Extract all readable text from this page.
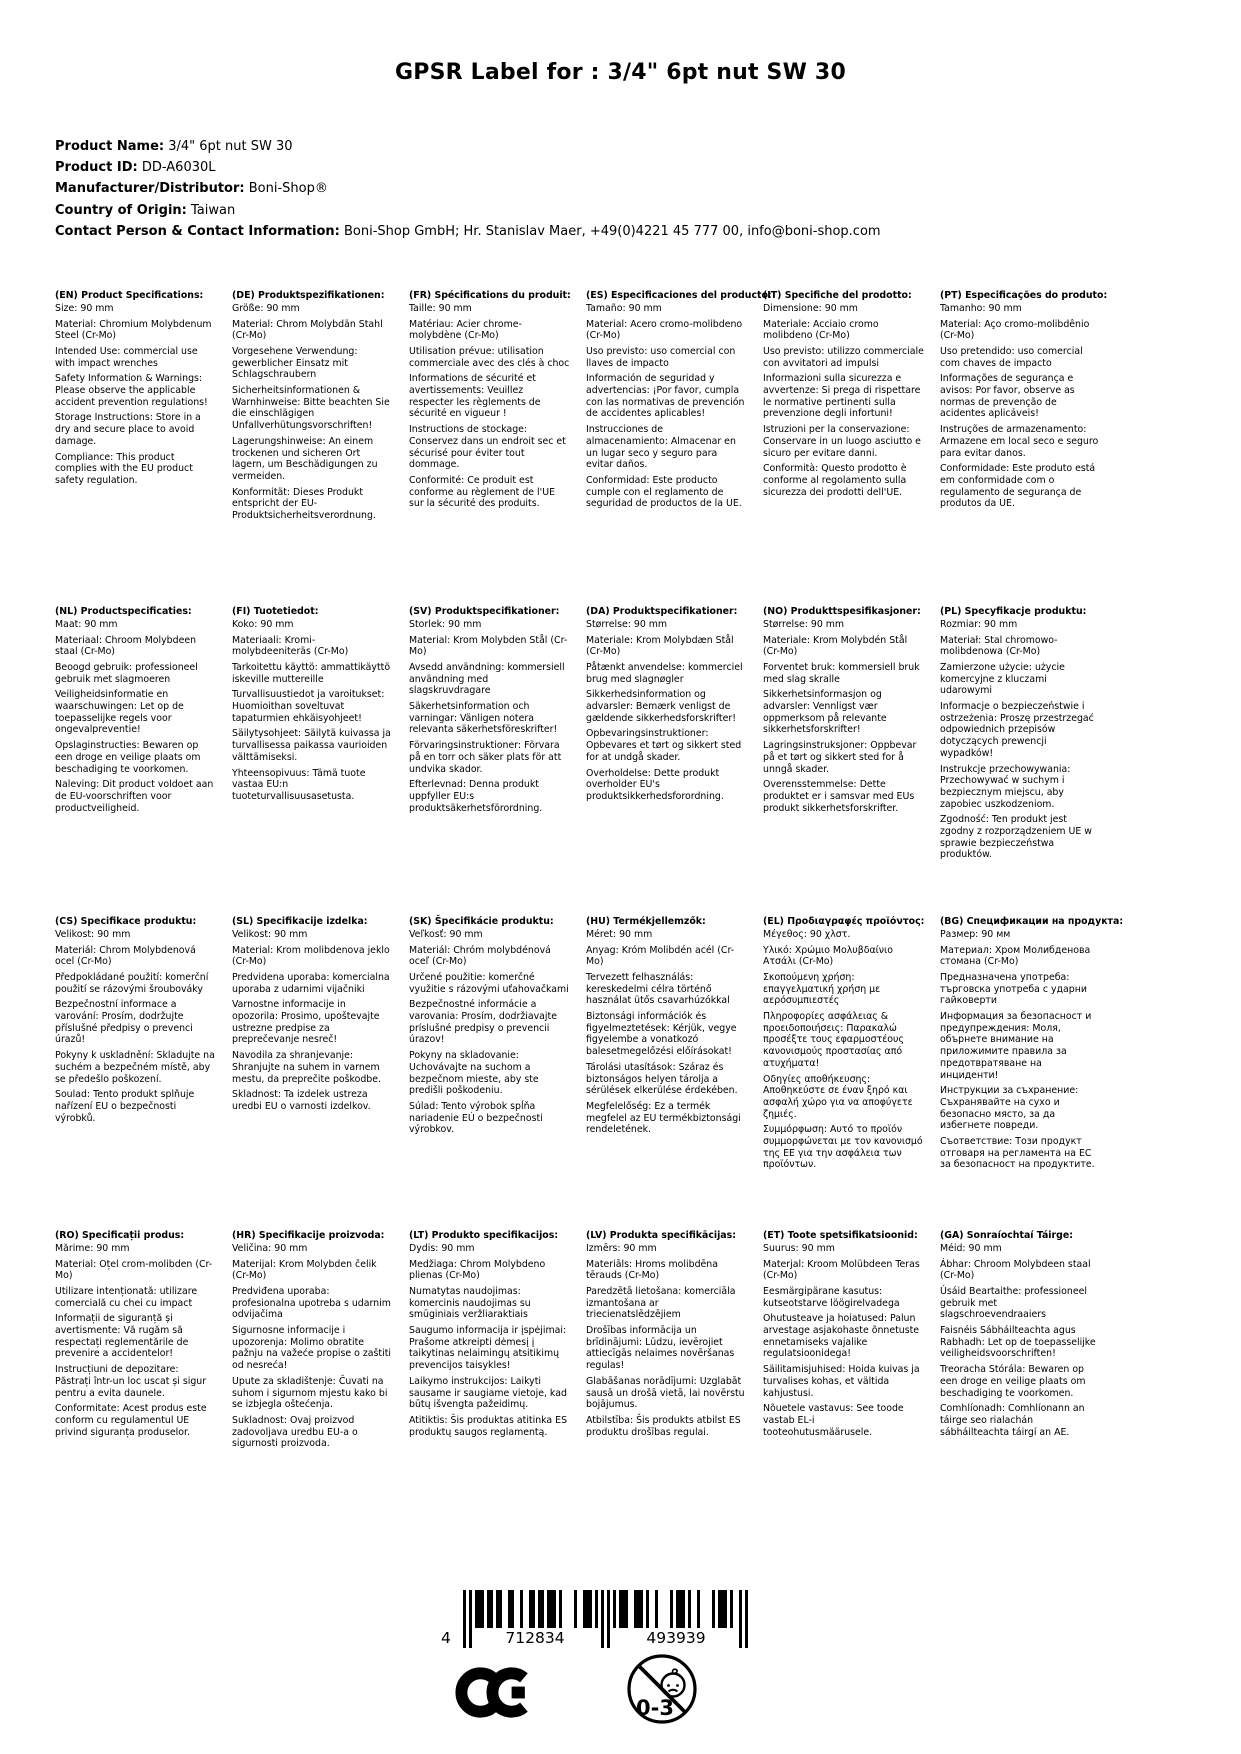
GPSR Label for : 3/4" 6pt nut SW 30
Product Name: 3/4" 6pt nut SW 30
Product ID: DD-A6030L
Manufacturer/Distributor: Boni-Shop®
Country of Origin: Taiwan
Contact Person & Contact Information: Boni-Shop GmbH; Hr. Stanislav Maer, +49(0)4221 45 777 00, info@boni-shop.com
(EN) Product Specifications:

Size: 90 mm

Material: Chromium Molybdenum Steel (Cr-Mo)

Intended Use: commercial use with impact wrenches

Safety Information & Warnings: Please observe the applicable accident prevention regulations!

Storage Instructions: Store in a dry and secure place to avoid damage.

Compliance: This product complies with the EU product safety regulation.

(DE) Produktspezifikationen:

Größe: 90 mm

Material: Chrom Molybdän Stahl (Cr-Mo)

Vorgesehene Verwendung: gewerblicher Einsatz mit Schlagschraubern

Sicherheitsinformationen & Warnhinweise: Bitte beachten Sie die einschlägigen Unfallverhütungsvorschriften!

Lagerungshinweise: An einem trockenen und sicheren Ort lagern, um Beschädigungen zu vermeiden.

Konformität: Dieses Produkt entspricht der EU-Produktsicherheitsverordnung.

(FR) Spécifications du produit:

Taille: 90 mm

Matériau: Acier chrome-molybdène (Cr-Mo)

Utilisation prévue: utilisation commerciale avec des clés à choc

Informations de sécurité et avertissements: Veuillez respecter les règlements de sécurité en vigueur !

Instructions de stockage: Conservez dans un endroit sec et sécurisé pour éviter tout dommage.

Conformité: Ce produit est conforme au règlement de l'UE sur la sécurité des produits.

(ES) Especificaciones del producto:

Tamaño: 90 mm

Material: Acero cromo-molibdeno (Cr-Mo)

Uso previsto: uso comercial con llaves de impacto

Información de seguridad y advertencias: ¡Por favor, cumpla con las normativas de prevención de accidentes aplicables!

Instrucciones de almacenamiento: Almacenar en un lugar seco y seguro para evitar daños.

Conformidad: Este producto cumple con el reglamento de seguridad de productos de la UE.

(IT) Specifiche del prodotto:

Dimensione: 90 mm

Materiale: Acciaio cromo molibdeno (Cr-Mo)

Uso previsto: utilizzo commerciale con avvitatori ad impulsi

Informazioni sulla sicurezza e avvertenze: Si prega di rispettare le normative pertinenti sulla prevenzione degli infortuni!

Istruzioni per la conservazione: Conservare in un luogo asciutto e sicuro per evitare danni.

Conformità: Questo prodotto è conforme al regolamento sulla sicurezza dei prodotti dell'UE.

(PT) Especificações do produto:

Tamanho: 90 mm

Material: Aço cromo-molibdênio (Cr-Mo)

Uso pretendido: uso comercial com chaves de impacto

Informações de segurança e avisos: Por favor, observe as normas de prevenção de acidentes aplicáveis!

Instruções de armazenamento: Armazene em local seco e seguro para evitar danos.

Conformidade: Este produto está em conformidade com o regulamento de segurança de produtos da UE.

(NL) Productspecificaties:

Maat: 90 mm

Materiaal: Chroom Molybdeen staal (Cr-Mo)

Beoogd gebruik: professioneel gebruik met slagmoeren

Veiligheidsinformatie en waarschuwingen: Let op de toepasselijke regels voor ongevalpreventie!

Opslaginstructies: Bewaren op een droge en veilige plaats om beschadiging te voorkomen.

Naleving: Dit product voldoet aan de EU-voorschriften voor productveiligheid.

(FI) Tuotetiedot:

Koko: 90 mm

Materiaali: Kromi-molybdeeniteräs (Cr-Mo)

Tarkoitettu käyttö: ammattikäyttö iskeville muttereille

Turvallisuustiedot ja varoitukset: Huomioithan soveltuvat tapaturmien ehkäisyohjeet!

Säilytysohjeet: Säilytä kuivassa ja turvallisessa paikassa vaurioiden välttämiseksi.

Yhteensopivuus: Tämä tuote vastaa EU:n tuoteturvallisuusasetusta.

(SV) Produktspecifikationer:

Storlek: 90 mm

Material: Krom Molybden Stål (Cr-Mo)

Avsedd användning: kommersiell användning med slagskruvdragare

Säkerhetsinformation och varningar: Vänligen notera relevanta säkerhetsföreskrifter!

Förvaringsinstruktioner: Förvara på en torr och säker plats för att undvika skador.

Efterlevnad: Denna produkt uppfyller EU:s produktsäkerhetsförordning.

(DA) Produktspecifikationer:

Størrelse: 90 mm

Materiale: Krom Molybdæn Stål (Cr-Mo)

Påtænkt anvendelse: kommerciel brug med slagnøgler

Sikkerhedsinformation og advarsler: Bemærk venligst de gældende sikkerhedsforskrifter!

Opbevaringsinstruktioner: Opbevares et tørt og sikkert sted for at undgå skader.

Overholdelse: Dette produkt overholder EU's produktsikkerhedsforordning.

(NO) Produkttspesifikasjoner:

Størrelse: 90 mm

Materiale: Krom Molybdén Stål (Cr-Mo)

Forventet bruk: kommersiell bruk med slag skralle

Sikkerhetsinformasjon og advarsler: Vennligst vær oppmerksom på relevante sikkerhetsforskrifter!

Lagringsinstruksjoner: Oppbevar på et tørt og sikkert sted for å unngå skader.

Overensstemmelse: Dette produktet er i samsvar med EUs produkt sikkerhetsforskrifter.

(PL) Specyfikacje produktu:

Rozmiar: 90 mm

Materiał: Stal chromowo-molibdenowa (Cr-Mo)

Zamierzone użycie: użycie komercyjne z kluczami udarowymi

Informacje o bezpieczeństwie i ostrzeżenia: Proszę przestrzegać odpowiednich przepisów dotyczących prewencji wypadków!

Instrukcje przechowywania: Przechowywać w suchym i bezpiecznym miejscu, aby zapobiec uszkodzeniom.

Zgodność: Ten produkt jest zgodny z rozporządzeniem UE w sprawie bezpieczeństwa produktów.

(CS) Specifikace produktu:

Velikost: 90 mm

Materiál: Chrom Molybdenová ocel (Cr-Mo)

Předpokládané použití: komerční použití se rázovými šroubováky

Bezpečnostní informace a varování: Prosím, dodržujte příslušné předpisy o prevenci úrazů!

Pokyny k uskladnění: Skladujte na suchém a bezpečném místě, aby se předešlo poškození.

Soulad: Tento produkt splňuje nařízení EU o bezpečnosti výrobků.

(SL) Specifikacije izdelka:

Velikost: 90 mm

Material: Krom molibdenova jeklo (Cr-Mo)

Predvidena uporaba: komercialna uporaba z udarnimi vijačniki

Varnostne informacije in opozorila: Prosimo, upoštevajte ustrezne predpise za preprečevanje nesreč!

Navodila za shranjevanje: Shranjujte na suhem in varnem mestu, da preprečite poškodbe.

Skladnost: Ta izdelek ustreza uredbi EU o varnosti izdelkov.

(SK) Špecifikácie produktu:

Veľkosť: 90 mm

Materiál: Chróm molybdénová oceľ (Cr-Mo)

Určené použitie: komerčné využitie s rázovými uťahovačkami

Bezpečnostné informácie a varovania: Prosím, dodržiavajte príslušné predpisy o prevencii úrazov!

Pokyny na skladovanie: Uchovávajte na suchom a bezpečnom mieste, aby ste predišli poškodeniu.

Súlad: Tento výrobok spĺňa nariadenie EÚ o bezpečnosti výrobkov.

(HU) Termékjellemzők:

Méret: 90 mm

Anyag: Króm Molibdén acél (Cr-Mo)

Tervezett felhasználás: kereskedelmi célra történő használat ütős csavarhúzókkal

Biztonsági információk és figyelmeztetések: Kérjük, vegye figyelembe a vonatkozó balesetmegelőzési előírásokat!

Tárolási utasítások: Száraz és biztonságos helyen tárolja a sérülések elkerülése érdekében.

Megfelelőség: Ez a termék megfelel az EU termékbiztonsági rendeletének.

(EL) Προδιαγραφές προϊόντος:

Μέγεθος: 90 χλστ.

Υλικό: Χρώμιο Μολυβδαίνιο Ατσάλι (Cr-Mo)

Σκοπούμενη χρήση: επαγγελματική χρήση με αερόσυμπιεστές

Πληροφορίες ασφάλειας & προειδοποιήσεις: Παρακαλώ προσέξτε τους εφαρμοστέους κανονισμούς προστασίας από ατυχήματα!

Οδηγίες αποθήκευσης: Αποθηκεύστε σε έναν ξηρό και ασφαλή χώρο για να αποφύγετε ζημιές.

Συμμόρφωση: Αυτό το προϊόν συμμορφώνεται με τον κανονισμό της ΕΕ για την ασφάλεια των προϊόντων.

(BG) Спецификации на продукта:

Размер: 90 мм

Материал: Хром Молибденова стомана (Cr-Mo)

Предназначена употреба: търговска употреба с ударни гайковерти

Информация за безопасност и предупреждения: Моля, обърнете внимание на приложимите правила за предотвратяване на инциденти!

Инструкции за съхранение: Съхранявайте на сухо и безопасно място, за да избегнете повреди.

Съответствие: Този продукт отговаря на регламента на ЕС за безопасност на продуктите.

(RO) Specificații produs:

Mărime: 90 mm

Material: Oțel crom-molibden (Cr-Mo)

Utilizare intenționată: utilizare comercială cu chei cu impact

Informații de siguranță și avertismente: Vă rugăm să respectați reglementările de prevenire a accidentelor!

Instrucțiuni de depozitare: Păstrați într-un loc uscat și sigur pentru a evita daunele.

Conformitate: Acest produs este conform cu regulamentul UE privind siguranța produselor.

(HR) Specifikacije proizvoda:

Veličina: 90 mm

Materijal: Krom Molybden čelik (Cr-Mo)

Predviđena uporaba: profesionalna upotreba s udarnim odvijačima

Sigurnosne informacije i upozorenja: Molimo obratite pažnju na važeće propise o zaštiti od nesreća!

Upute za skladištenje: Čuvati na suhom i sigurnom mjestu kako bi se izbjegla oštećenja.

Sukladnost: Ovaj proizvod zadovoljava uredbu EU-a o sigurnosti proizvoda.

(LT) Produkto specifikacijos:

Dydis: 90 mm

Medžiaga: Chrom Molybdeno plienas (Cr-Mo)

Numatytas naudojimas: komercinis naudojimas su smūginiais veržliaraktiais

Saugumo informacija ir įspėjimai: Prašome atkreipti dėmesį į taikytinas nelaimingų atsitikimų prevencijos taisykles!

Laikymo instrukcijos: Laikyti sausame ir saugiame vietoje, kad būtų išvengta pažeidimų.

Atitiktis: Šis produktas atitinka ES produktų saugos reglamentą.

(LV) Produkta specifikācijas:

Izmērs: 90 mm

Materiāls: Hroms molibdēna tērauds (Cr-Mo)

Paredzētā lietošana: komerciāla izmantošana ar triecienatslēdzējiem

Drošības informācija un brīdinājumi: Lūdzu, ievērojiet attiecīgās nelaimes novēršanas regulas!

Glabāšanas norādījumi: Uzglabāt sausā un drošā vietā, lai novērstu bojājumus.

Atbilstība: Šis produkts atbilst ES produktu drošības regulai.

(ET) Toote spetsifikatsioonid:

Suurus: 90 mm

Materjal: Kroom Molübdeen Teras (Cr-Mo)

Eesmärgipärane kasutus: kutseotstarve löögirelvadega

Ohutusteave ja hoiatused: Palun arvestage asjakohaste õnnetuste ennetamiseks vajalike regulatsioonidega!

Säilitamisjuhised: Hoida kuivas ja turvalises kohas, et vältida kahjustusi.

Nõuetele vastavus: See toode vastab EL-i tooteohutusmäärusele.

(GA) Sonraíochtaí Táirge:

Méid: 90 mm

Ábhar: Chroom Molybdeen staal (Cr-Mo)

Úsáid Beartaithe: professioneel gebruik met slagschroevendraaiers

Faisnéis Sábháilteachta agus Rabhadh: Let op de toepasselijke veiligheidsvoorschriften!

Treoracha Stórála: Bewaren op een droge en veilige plaats om beschadiging te voorkomen.

Comhlíonadh: Comhlíonann an táirge seo rialachán sábháilteachta táirgí an AE.

4	712834	493939
0-3
